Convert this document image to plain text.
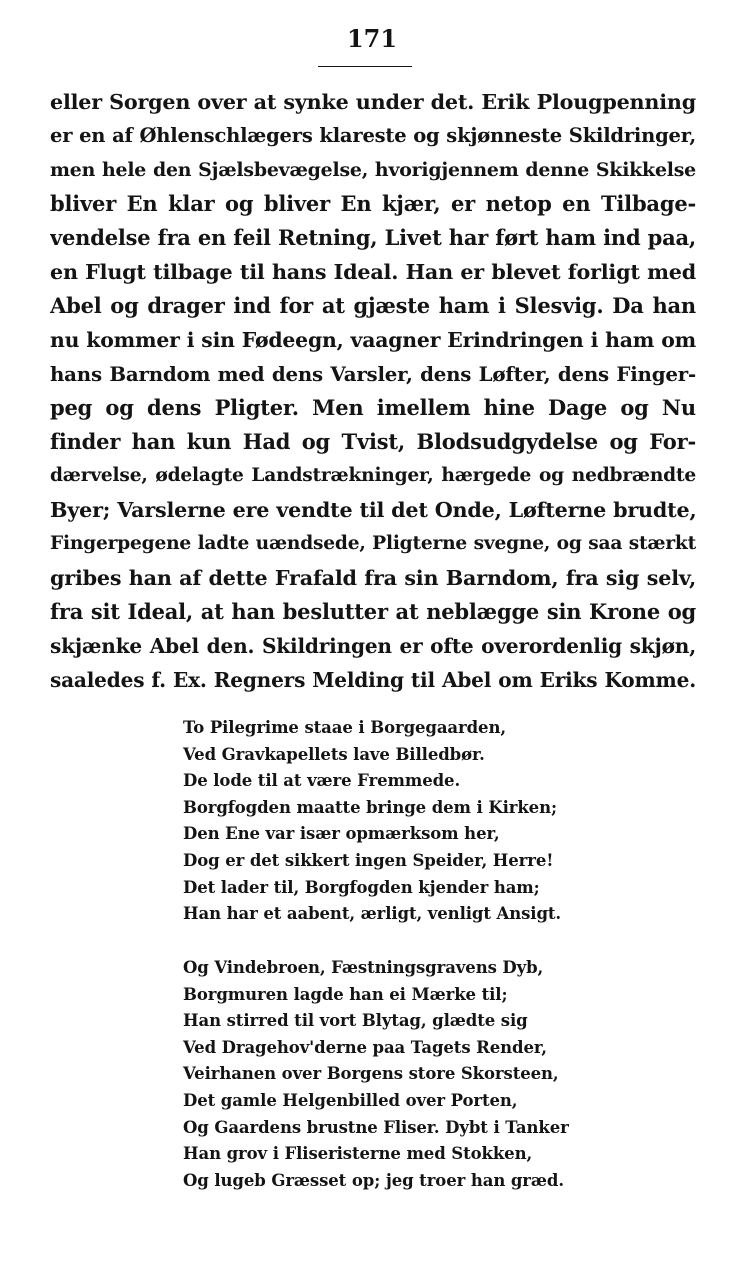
171
eller Sorgen over at synke under det. Erik Plougpenning
er en af Øhlenschlægers klareste og skjønneste Skildringer,
men hele den Sjælsbevægelse, hvorigjennem denne Skikkelse
bliver En klar og bliver En kjær, er netop en Tilbage-
vendelse fra en feil Retning, Livet har ført ham ind paa,
en Flugt tilbage til hans Ideal. Han er blevet forligt med
Abel og drager ind for at gjæste ham i Slesvig. Da han
nu kommer i sin Fødeegn, vaagner Erindringen i ham om
hans Barndom med dens Varsler, dens Løfter, dens Finger-
peg og dens Pligter. Men imellem hine Dage og Nu
finder han kun Had og Tvist, Blodsudgydelse og For-
dærvelse, ødelagte Landstrækninger, hærgede og nedbrændte
Byer; Varslerne ere vendte til det Onde, Løfterne brudte,
Fingerpegene ladte uændsede, Pligterne svegne, og saa stærkt
gribes han af dette Frafald fra sin Barndom, fra sig selv,
fra sit Ideal, at han beslutter at neblægge sin Krone og
skjænke Abel den. Skildringen er ofte overordenlig skjøn,
saaledes f. Ex. Regners Melding til Abel om Eriks Komme.
To Pilegrime staae i Borgegaarden,
Ved Gravkapellets lave Billedbør.
De lode til at være Fremmede.
Borgfogden maatte bringe dem i Kirken;
Den Ene var især opmærksom her,
Dog er det sikkert ingen Speider, Herre!
Det lader til, Borgfogden kjender ham;
Han har et aabent, ærligt, venligt Ansigt.
Og Vindebroen, Fæstningsgravens Dyb,
Borgmuren lagde han ei Mærke til;
Han stirred til vort Blytag, glædte sig
Ved Dragehov'derne paa Tagets Render,
Veirhanen over Borgens store Skorsteen,
Det gamle Helgenbilled over Porten,
Og Gaardens brustne Fliser. Dybt i Tanker
Han grov i Fliseristerne med Stokken,
Og lugeb Græsset op; jeg troer han græd.
